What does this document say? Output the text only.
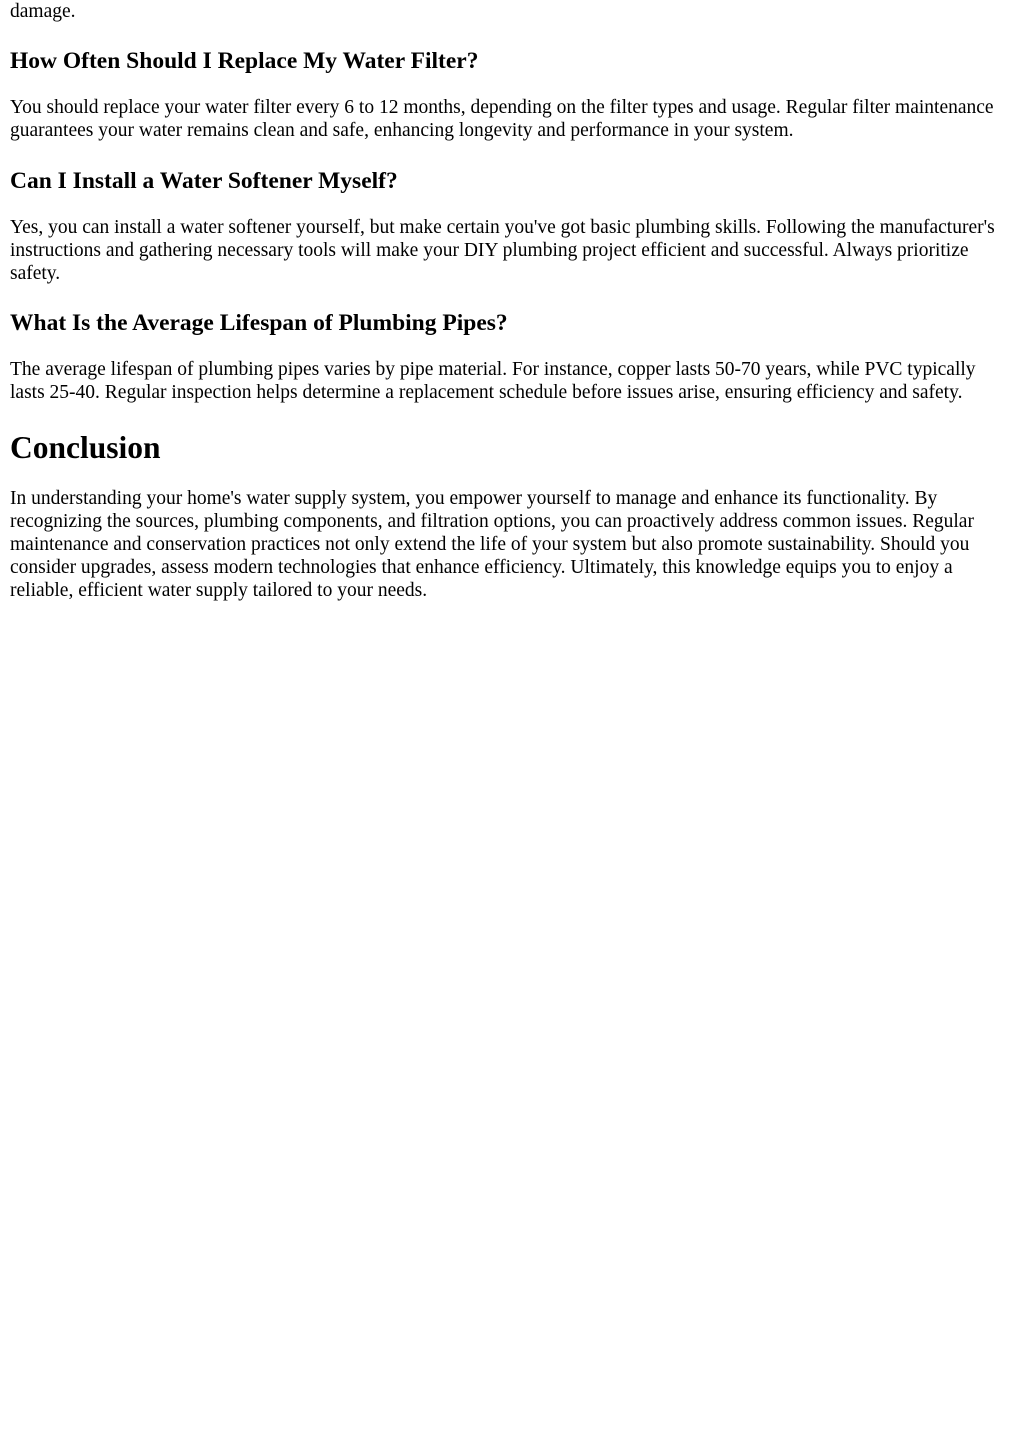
damage.

How Often Should I Replace My Water Filter?

You should replace your water filter every 6 to 12 months, depending on the filter types and usage. Regular filter maintenance guarantees your water remains clean and safe, enhancing longevity and performance in your system.

Can I Install a Water Softener Myself?

Yes, you can install a water softener yourself, but make certain you've got basic plumbing skills. Following the manufacturer's instructions and gathering necessary tools will make your DIY plumbing project efficient and successful. Always prioritize safety.

What Is the Average Lifespan of Plumbing Pipes?

The average lifespan of plumbing pipes varies by pipe material. For instance, copper lasts 50-70 years, while PVC typically lasts 25-40. Regular inspection helps determine a replacement schedule before issues arise, ensuring efficiency and safety.

Conclusion

In understanding your home's water supply system, you empower yourself to manage and enhance its functionality. By recognizing the sources, plumbing components, and filtration options, you can proactively address common issues. Regular maintenance and conservation practices not only extend the life of your system but also promote sustainability. Should you consider upgrades, assess modern technologies that enhance efficiency. Ultimately, this knowledge equips you to enjoy a reliable, efficient water supply tailored to your needs.
